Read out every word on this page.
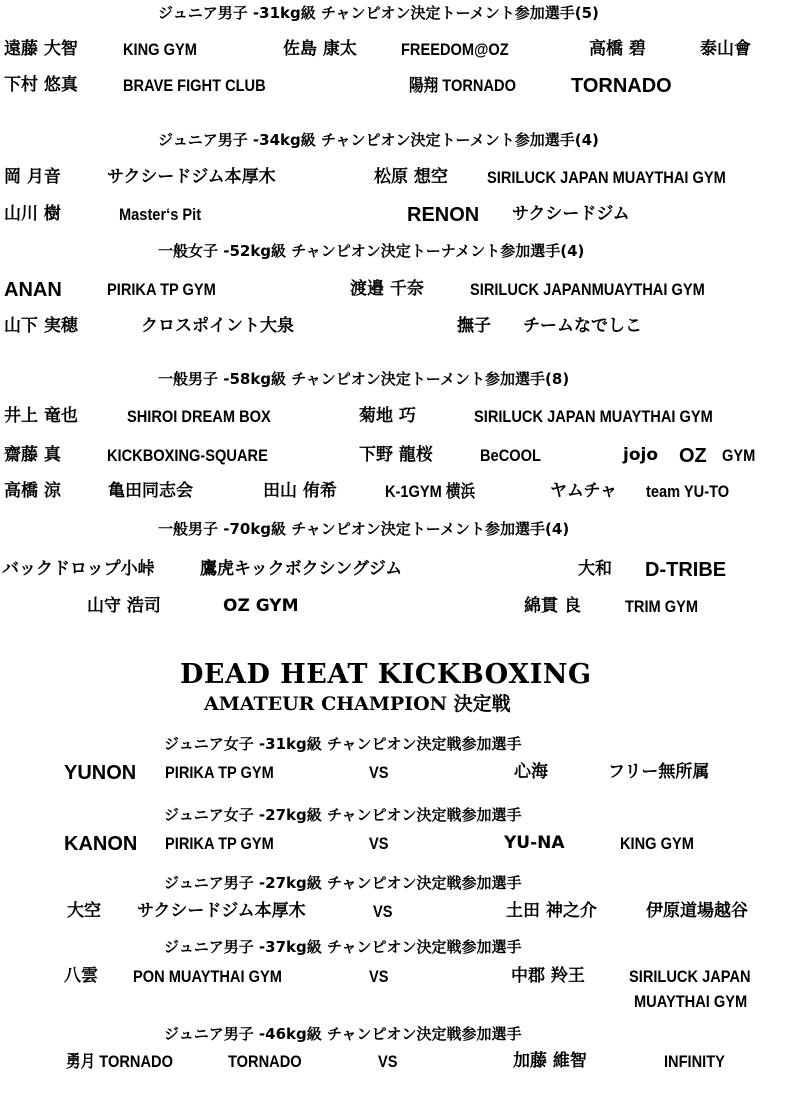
ジュニア男子 -31kg級 チャンピオン決定トーメント参加選手(5)
遠藤 大智	KING GYM	佐島 康太	FREEDOM@OZ	高橋 碧	泰山會
下村 悠真	BRAVE FIGHT CLUB	陽翔 TORNADO	TORNADO
ジュニア男子 -34kg級 チャンピオン決定トーメント参加選手(4)
岡 月音	サクシードジム本厚木	松原 想空 SIRILUCK JAPAN MUAYTHAI GYM
山川 樹	Master‘s Pit	RENON サクシードジム
一般女子 -52kg級 チャンピオン決定トーナメント参加選手(4)
ANAN	PIRIKA TP GYM	渡邉 千奈	SIRILUCK JAPANMUAYTHAI GYM
山下 実穂	クロスポイント大泉	撫子 チームなでしこ
一般男子 -58kg級 チャンピオン決定トーメント参加選手(8)
井上 竜也	SHIROI DREAM BOX	菊地 巧	SIRILUCK JAPAN MUAYTHAI GYM
齋藤 真	KICKBOXING-SQUARE	下野 龍桜	BeCOOL	jojo OZ GYM
高橋 涼	亀田同志会	田山 侑希	K-1GYM 横浜	ヤムチャ team YU-TO
一般男子 -70kg級 チャンピオン決定トーメント参加選手(4)
バックドロップ小峠	鷹虎キックボクシングジム	大和 D-TRIBE
山守 浩司	OZ GYM	綿貫 良	TRIM GYM
DEAD HEAT KICKBOXING
AMATEUR CHAMPION 決定戦
ジュニア女子 -31kg級 チャンピオン決定戦参加選手
YUNON PIRIKA TP GYM	VS	心海	フリー無所属
ジュニア女子 -27kg級 チャンピオン決定戦参加選手
KANON PIRIKA TP GYM	VS	YU-NA	KING GYM
ジュニア男子 -27kg級 チャンピオン決定戦参加選手
大空 サクシードジム本厚木	VS	土田 神之介	伊原道場越谷
ジュニア男子 -37kg級 チャンピオン決定戦参加選手
八雲 PON MUAYTHAI GYM	VS	中郡 羚王	SIRILUCK JAPAN
MUAYTHAI GYM
ジュニア男子 -46kg級 チャンピオン決定戦参加選手
勇月 TORNADO	TORNADO	VS	加藤 維智	INFINITY
